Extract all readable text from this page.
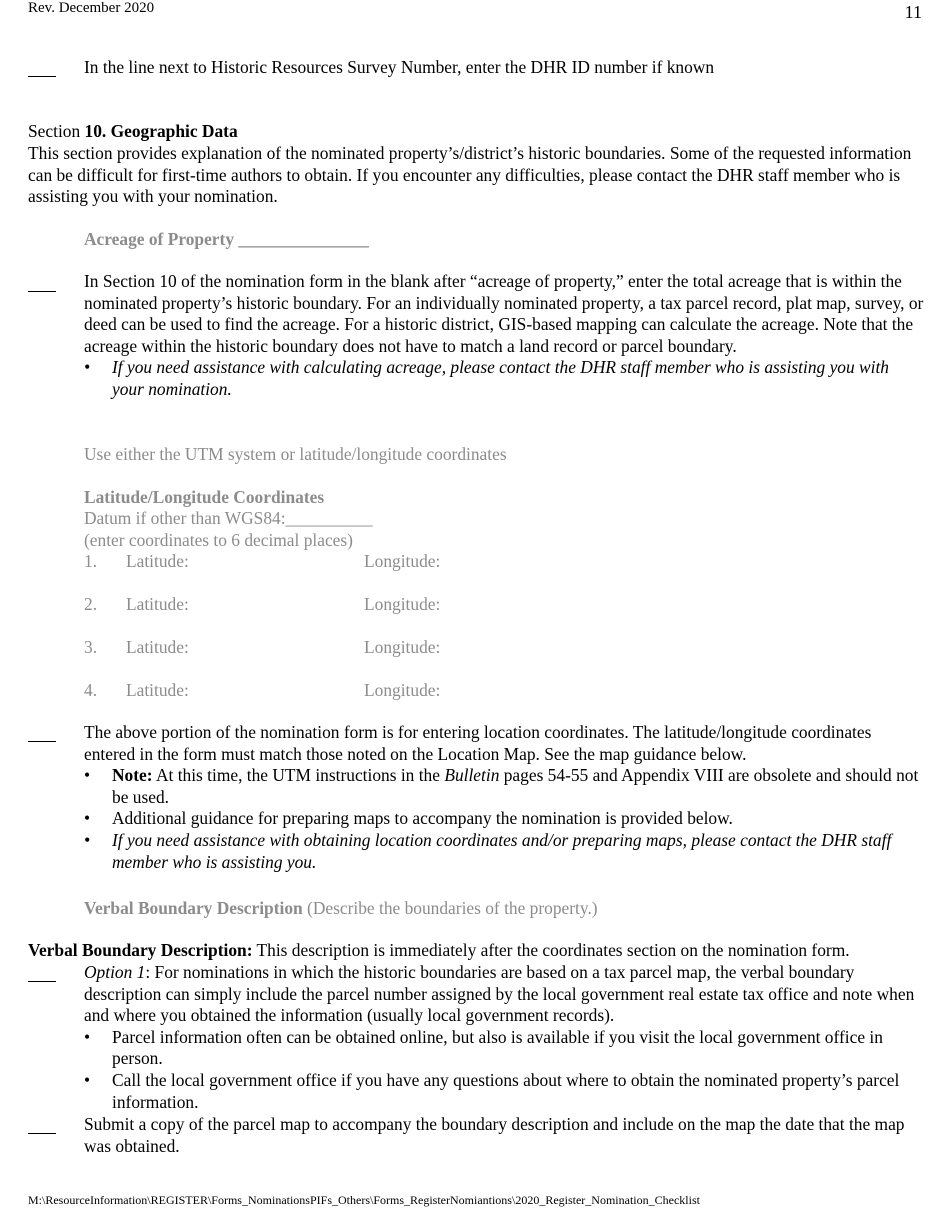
Rev. December 2020	11
In the line next to Historic Resources Survey Number, enter the DHR ID number if known
Section 10. Geographic Data
This section provides explanation of the nominated property’s/district’s historic boundaries. Some of the requested information can be difficult for first-time authors to obtain. If you encounter any difficulties, please contact the DHR staff member who is assisting you with your nomination.
Acreage of Property _______________
In Section 10 of the nomination form in the blank after “acreage of property,” enter the total acreage that is within the nominated property’s historic boundary. For an individually nominated property, a tax parcel record, plat map, survey, or deed can be used to find the acreage. For a historic district, GIS-based mapping can calculate the acreage. Note that the acreage within the historic boundary does not have to match a land record or parcel boundary.
• If you need assistance with calculating acreage, please contact the DHR staff member who is assisting you with your nomination.
Use either the UTM system or latitude/longitude coordinates
Latitude/Longitude Coordinates
Datum if other than WGS84:__________
(enter coordinates to 6 decimal places)
1. Latitude:	Longitude:
2. Latitude:	Longitude:
3. Latitude:	Longitude:
4. Latitude:	Longitude:
The above portion of the nomination form is for entering location coordinates. The latitude/longitude coordinates entered in the form must match those noted on the Location Map. See the map guidance below.
• Note: At this time, the UTM instructions in the Bulletin pages 54-55 and Appendix VIII are obsolete and should not be used.
• Additional guidance for preparing maps to accompany the nomination is provided below.
• If you need assistance with obtaining location coordinates and/or preparing maps, please contact the DHR staff member who is assisting you.
Verbal Boundary Description (Describe the boundaries of the property.)
Verbal Boundary Description: This description is immediately after the coordinates section on the nomination form.
Option 1: For nominations in which the historic boundaries are based on a tax parcel map, the verbal boundary description can simply include the parcel number assigned by the local government real estate tax office and note when and where you obtained the information (usually local government records).
• Parcel information often can be obtained online, but also is available if you visit the local government office in person.
• Call the local government office if you have any questions about where to obtain the nominated property’s parcel information.
Submit a copy of the parcel map to accompany the boundary description and include on the map the date that the map was obtained.
M:\ResourceInformation\REGISTER\Forms_NominationsPIFs_Others\Forms_RegisterNomiantions\2020_Register_Nomination_Checklist
